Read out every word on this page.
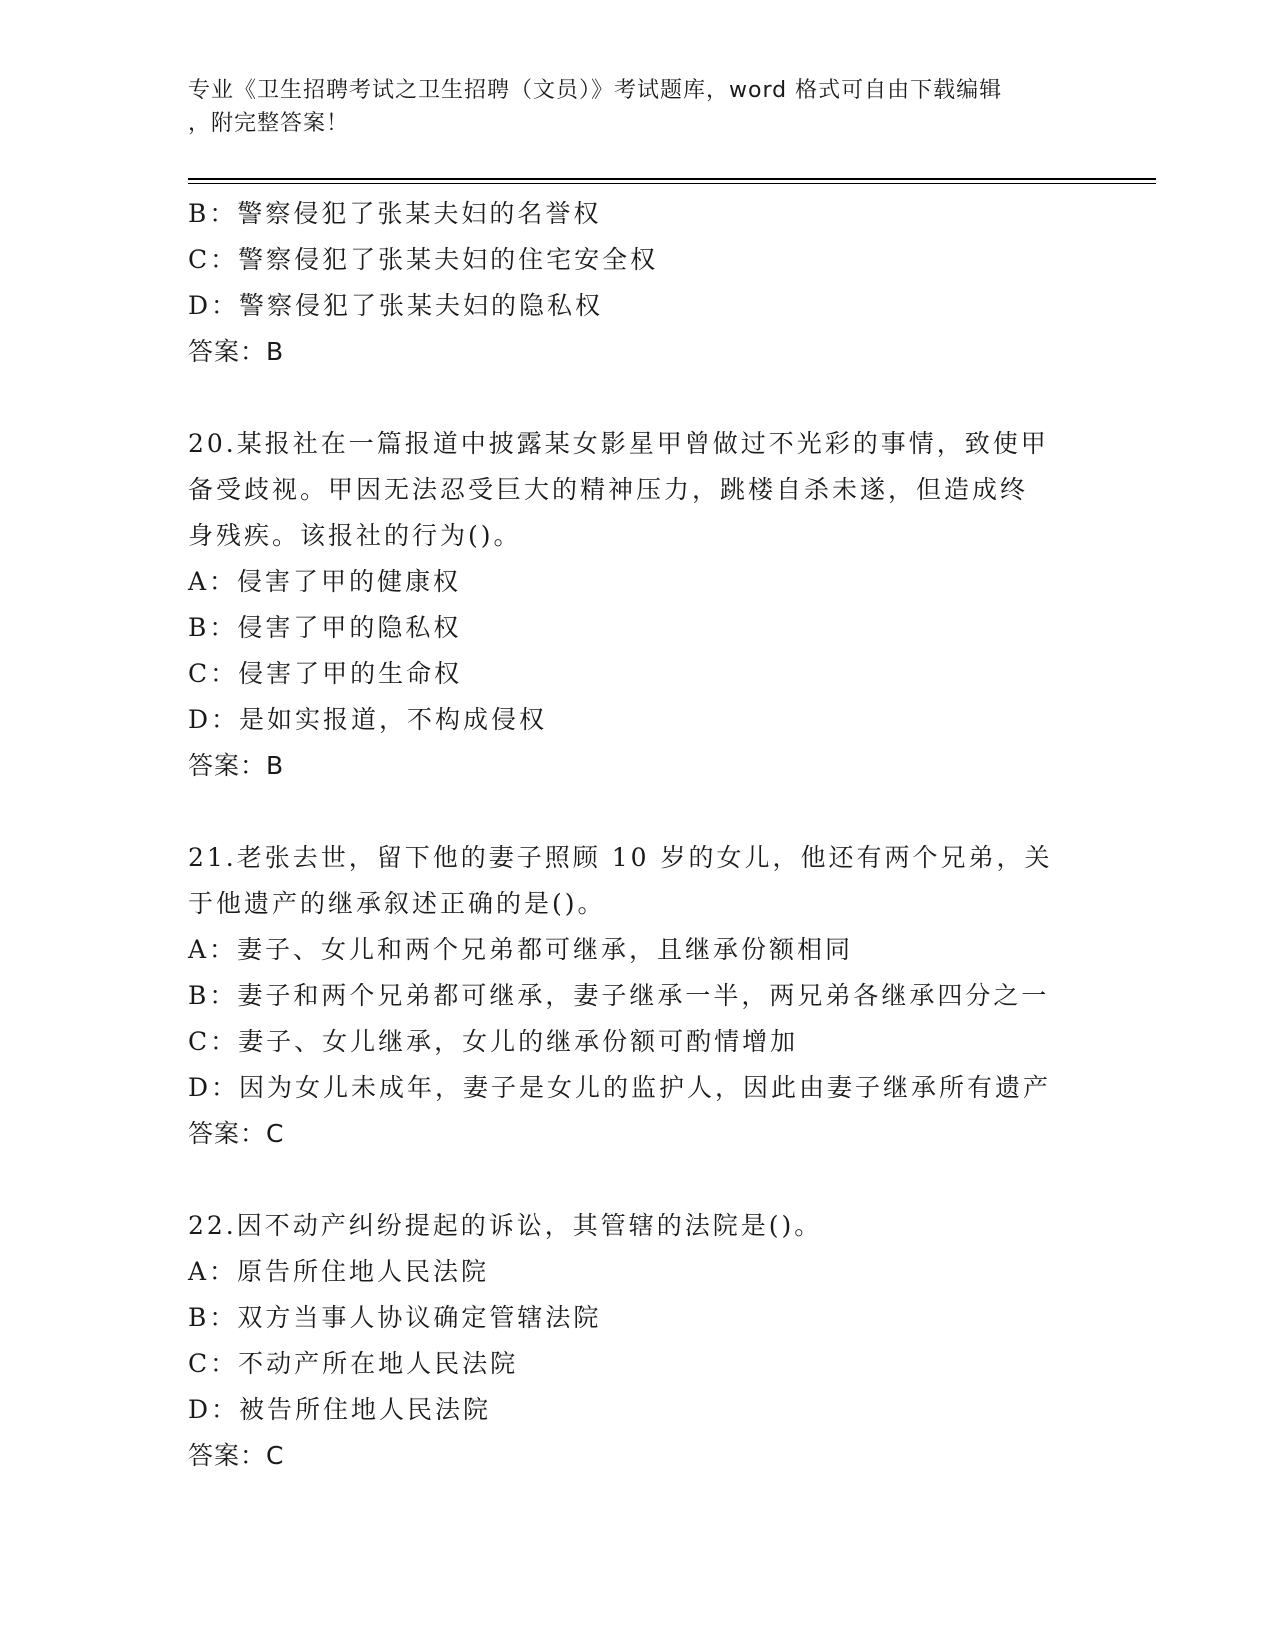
专业《卫生招聘考试之卫生招聘（文员）》考试题库，word 格式可自由下载编辑
，附完整答案！
B：警察侵犯了张某夫妇的名誉权
C：警察侵犯了张某夫妇的住宅安全权
D：警察侵犯了张某夫妇的隐私权
答案：B
20.某报社在一篇报道中披露某女影星甲曾做过不光彩的事情，致使甲
备受歧视。甲因无法忍受巨大的精神压力，跳楼自杀未遂，但造成终
身残疾。该报社的行为()。
A：侵害了甲的健康权
B：侵害了甲的隐私权
C：侵害了甲的生命权
D：是如实报道，不构成侵权
答案：B
21.老张去世，留下他的妻子照顾 10 岁的女儿，他还有两个兄弟，关
于他遗产的继承叙述正确的是()。
A：妻子、女儿和两个兄弟都可继承，且继承份额相同
B：妻子和两个兄弟都可继承，妻子继承一半，两兄弟各继承四分之一
C：妻子、女儿继承，女儿的继承份额可酌情增加
D：因为女儿未成年，妻子是女儿的监护人，因此由妻子继承所有遗产
答案：C
22.因不动产纠纷提起的诉讼，其管辖的法院是()。
A：原告所住地人民法院
B：双方当事人协议确定管辖法院
C：不动产所在地人民法院
D：被告所住地人民法院
答案：C
